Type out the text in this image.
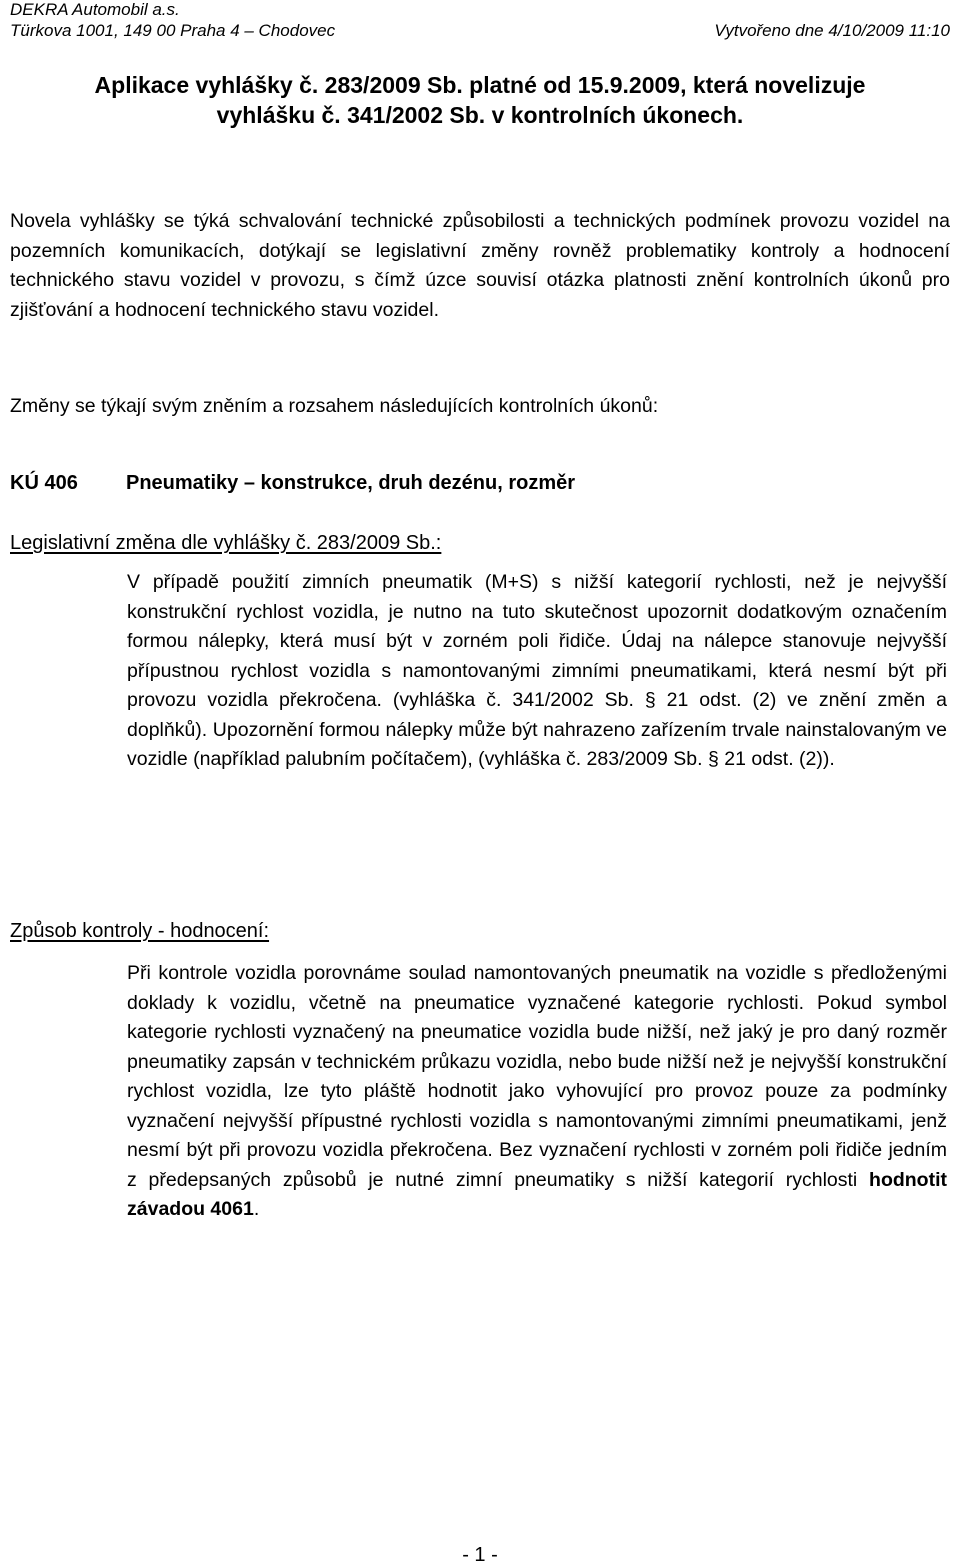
DEKRA Automobil a.s.
Türkova 1001, 149 00 Praha 4 – Chodovec	Vytvořeno dne 4/10/2009 11:10
Aplikace vyhlášky č. 283/2009 Sb. platné od 15.9.2009, která novelizuje
vyhlášku č. 341/2002 Sb. v kontrolních úkonech.

Novela vyhlášky se týká schvalování technické způsobilosti a technických podmínek provozu vozidel na pozemních komunikacích, dotýkají se legislativní změny rovněž problematiky kontroly a hodnocení technického stavu vozidel v provozu, s čímž úzce souvisí otázka platnosti znění kontrolních úkonů pro zjišťování a hodnocení technického stavu vozidel.

Změny se týkají svým zněním a rozsahem následujících kontrolních úkonů:

KÚ 406 Pneumatiky – konstrukce, druh dezénu, rozměr
Legislativní změna dle vyhlášky č. 283/2009 Sb.:

V případě použití zimních pneumatik (M+S) s nižší kategorií rychlosti, než je nejvyšší konstrukční rychlost vozidla, je nutno na tuto skutečnost upozornit dodatkovým označením formou nálepky, která musí být v zorném poli řidiče. Údaj na nálepce stanovuje nejvyšší přípustnou rychlost vozidla s namontovanými zimními pneumatikami, která nesmí být při provozu vozidla překročena. (vyhláška č. 341/2002 Sb. § 21 odst. (2) ve znění změn a doplňků). Upozornění formou nálepky může být nahrazeno zařízením trvale nainstalovaným ve vozidle (například palubním počítačem), (vyhláška č. 283/2009 Sb. § 21 odst. (2)).

Způsob kontroly - hodnocení:

Při kontrole vozidla porovnáme soulad namontovaných pneumatik na vozidle s předloženými doklady k vozidlu, včetně na pneumatice vyznačené kategorie rychlosti. Pokud symbol kategorie rychlosti vyznačený na pneumatice vozidla bude nižší, než jaký je pro daný rozměr pneumatiky zapsán v technickém průkazu vozidla, nebo bude nižší než je nejvyšší konstrukční rychlost vozidla, lze tyto pláště hodnotit jako vyhovující pro provoz pouze za podmínky vyznačení nejvyšší přípustné rychlosti vozidla s namontovanými zimními pneumatikami, jenž nesmí být při provozu vozidla překročena. Bez vyznačení rychlosti v zorném poli řidiče jedním z předepsaných způsobů je nutné zimní pneumatiky s nižší kategorií rychlosti hodnotit závadou 4061.

- 1 -
